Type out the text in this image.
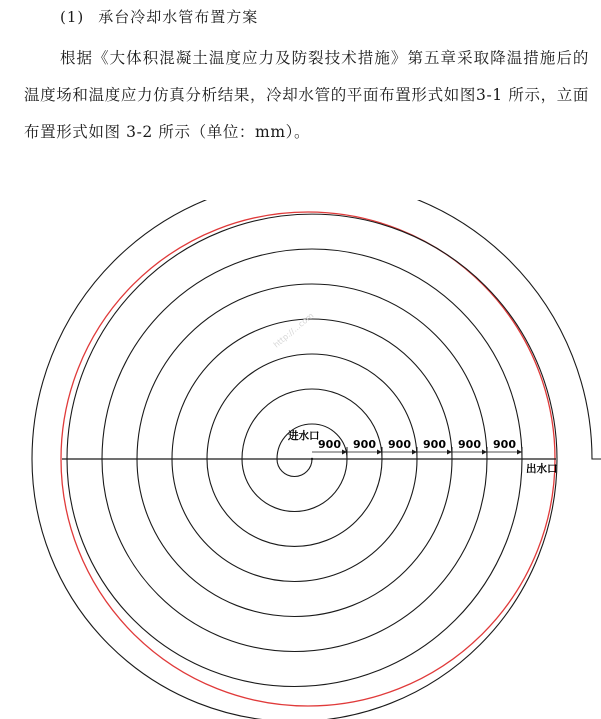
(1) 承台冷却水管布置方案
根据《大体积混凝土温度应力及防裂技术措施》第五章采取降温措施后的温度场和温度应力仿真分析结果，冷却水管的平面布置形式如图3-1 所示，立面布置形式如图 3-2 所示（单位：mm）。
900 900 900 900 900 900
进水口
出水口
http://...com
